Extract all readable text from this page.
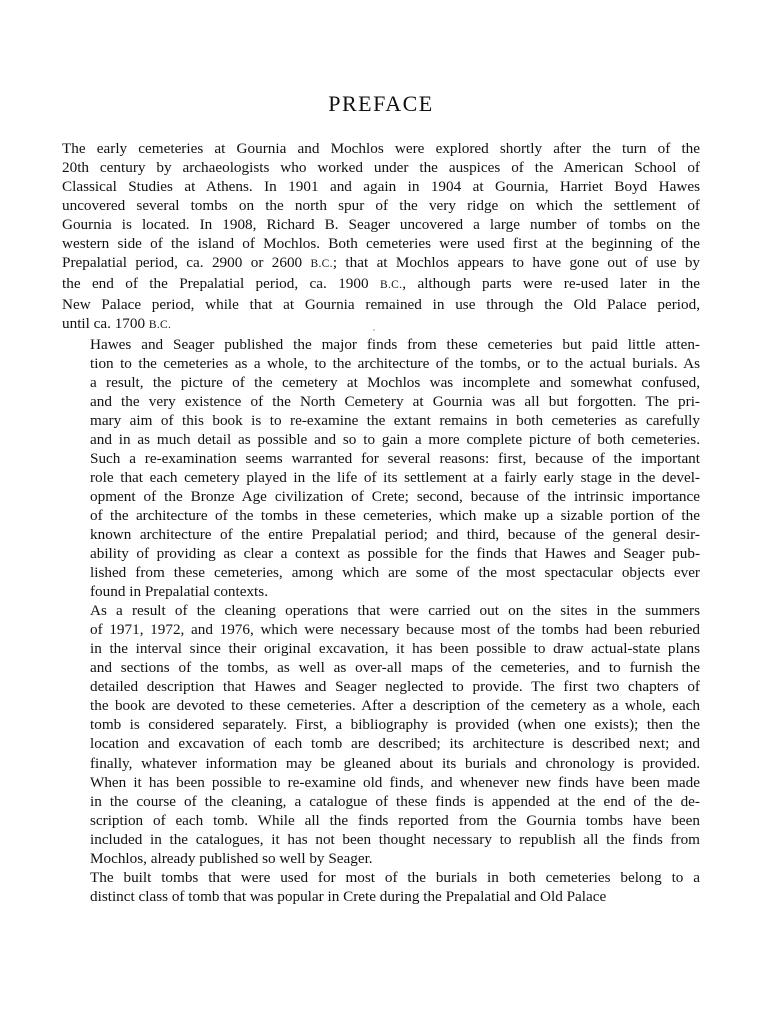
PREFACE
The early cemeteries at Gournia and Mochlos were explored shortly after the turn of the
20th century by archaeologists who worked under the auspices of the American School of
Classical Studies at Athens. In 1901 and again in 1904 at Gournia, Harriet Boyd Hawes
uncovered several tombs on the north spur of the very ridge on which the settlement of
Gournia is located. In 1908, Richard B. Seager uncovered a large number of tombs on the
western side of the island of Mochlos. Both cemeteries were used first at the beginning of the
Prepalatial period, ca. 2900 or 2600 B.C.; that at Mochlos appears to have gone out of use by
the end of the Prepalatial period, ca. 1900 B.C., although parts were re-used later in the
New Palace period, while that at Gournia remained in use through the Old Palace period,
until ca. 1700 B.C.
Hawes and Seager published the major finds from these cemeteries but paid little atten-
tion to the cemeteries as a whole, to the architecture of the tombs, or to the actual burials. As
a result, the picture of the cemetery at Mochlos was incomplete and somewhat confused,
and the very existence of the North Cemetery at Gournia was all but forgotten. The pri-
mary aim of this book is to re-examine the extant remains in both cemeteries as carefully
and in as much detail as possible and so to gain a more complete picture of both cemeteries.
Such a re-examination seems warranted for several reasons: first, because of the important
role that each cemetery played in the life of its settlement at a fairly early stage in the devel-
opment of the Bronze Age civilization of Crete; second, because of the intrinsic importance
of the architecture of the tombs in these cemeteries, which make up a sizable portion of the
known architecture of the entire Prepalatial period; and third, because of the general desir-
ability of providing as clear a context as possible for the finds that Hawes and Seager pub-
lished from these cemeteries, among which are some of the most spectacular objects ever
found in Prepalatial contexts.
As a result of the cleaning operations that were carried out on the sites in the summers
of 1971, 1972, and 1976, which were necessary because most of the tombs had been reburied
in the interval since their original excavation, it has been possible to draw actual-state plans
and sections of the tombs, as well as over-all maps of the cemeteries, and to furnish the
detailed description that Hawes and Seager neglected to provide. The first two chapters of
the book are devoted to these cemeteries. After a description of the cemetery as a whole, each
tomb is considered separately. First, a bibliography is provided (when one exists); then the
location and excavation of each tomb are described; its architecture is described next; and
finally, whatever information may be gleaned about its burials and chronology is provided.
When it has been possible to re-examine old finds, and whenever new finds have been made
in the course of the cleaning, a catalogue of these finds is appended at the end of the de-
scription of each tomb. While all the finds reported from the Gournia tombs have been
included in the catalogues, it has not been thought necessary to republish all the finds from
Mochlos, already published so well by Seager.
The built tombs that were used for most of the burials in both cemeteries belong to a
distinct class of tomb that was popular in Crete during the Prepalatial and Old Palace
